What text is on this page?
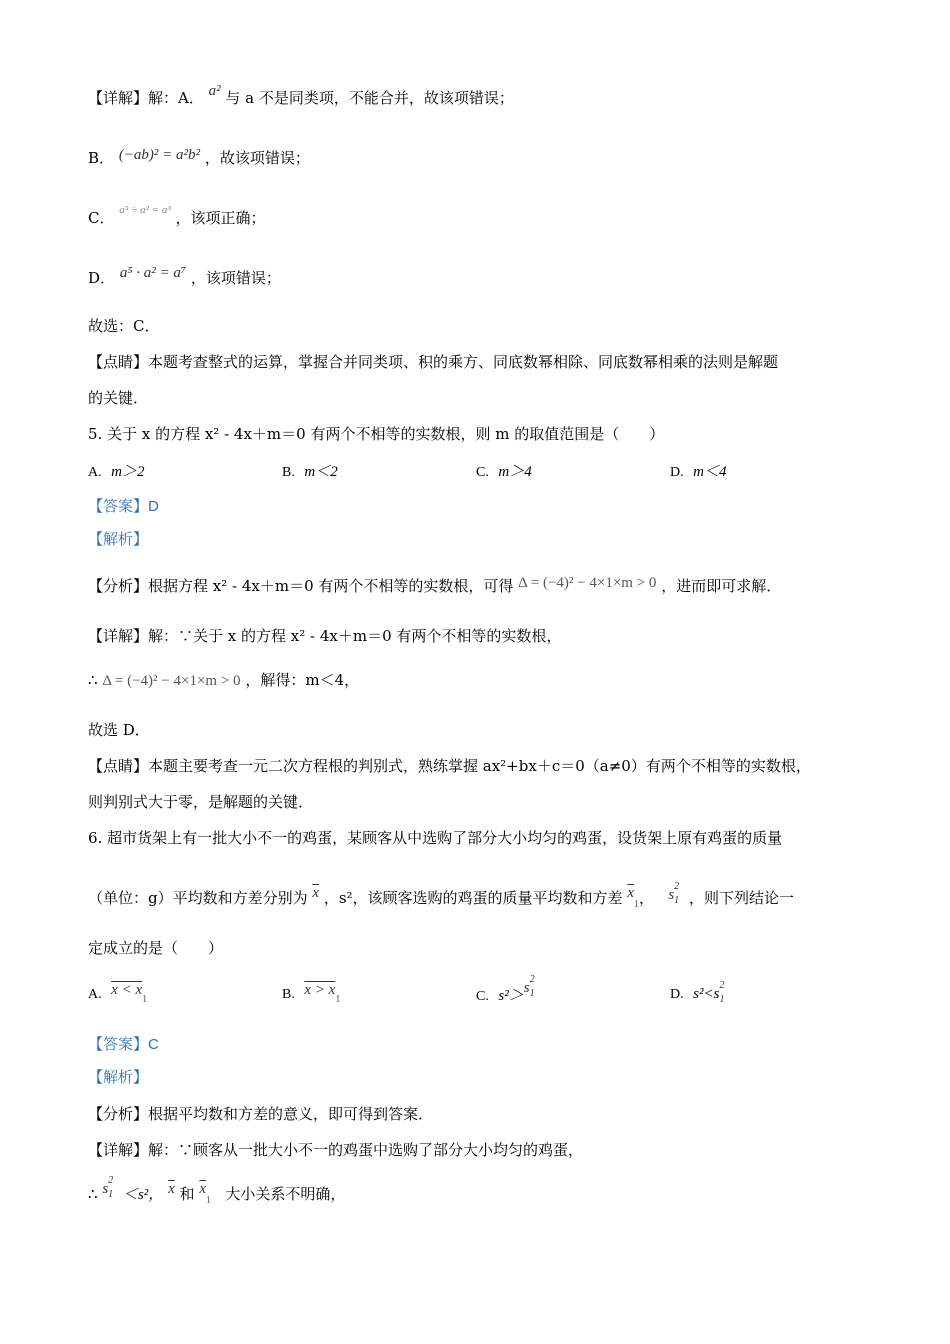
【详解】解：A． a² 与 a 不是同类项，不能合并，故该项错误；
B． (−ab)² = a²b² ，故该项错误；
C． $^{a^5 \div a^2 = a^3}$ ，该项正确；
D． a⁵ · a² = a⁷ ，该项错误；
故选：C．
【点睛】本题考查整式的运算，掌握合并同类项、积的乘方、同底数幂相除、同底数幂相乘的法则是解题
的关键．
5. 关于 x 的方程 x² - 4x＋m＝0 有两个不相等的实数根，则 m 的取值范围是（　　）
A. m＞2	B. m＜2	C. m＞4	D. m＜4
【答案】D
【解析】
【分析】根据方程 x² - 4x＋m＝0 有两个不相等的实数根，可得 Δ = (−4)² − 4×1×m > 0 ，进而即可求解．
【详解】解：∵关于 x 的方程 x² - 4x＋m＝0 有两个不相等的实数根，
∴ Δ = (−4)² − 4×1×m > 0 ，解得：m＜4，
故选 D．
【点睛】本题主要考查一元二次方程根的判别式，熟练掌握 ax²+bx＋c＝0（a≠0）有两个不相等的实数根，
则判别式大于零，是解题的关键．
6. 超市货架上有一批大小不一的鸡蛋，某顾客从中选购了部分大小均匀的鸡蛋，设货架上原有鸡蛋的质量
（单位：g）平均数和方差分别为 $\overline{x}$ ，s²，该顾客选购的鸡蛋的质量平均数和方差 $\overline{x}_1$，   $s_1^2$ ，则下列结论一
定成立的是（　　）
A. $x < x_1$	B. $x > x_1$	C. $s^2>s_1^2$
D. $s^2<s_1^2$
【答案】C
【解析】
【分析】根据平均数和方差的意义，即可得到答案．
【详解】解：∵顾客从一批大小不一的鸡蛋中选购了部分大小均匀的鸡蛋，
∴ $s_1^2 <s^2$， $\overline{x}$ 和 $\overline{x}_1$ 大小关系不明确，
